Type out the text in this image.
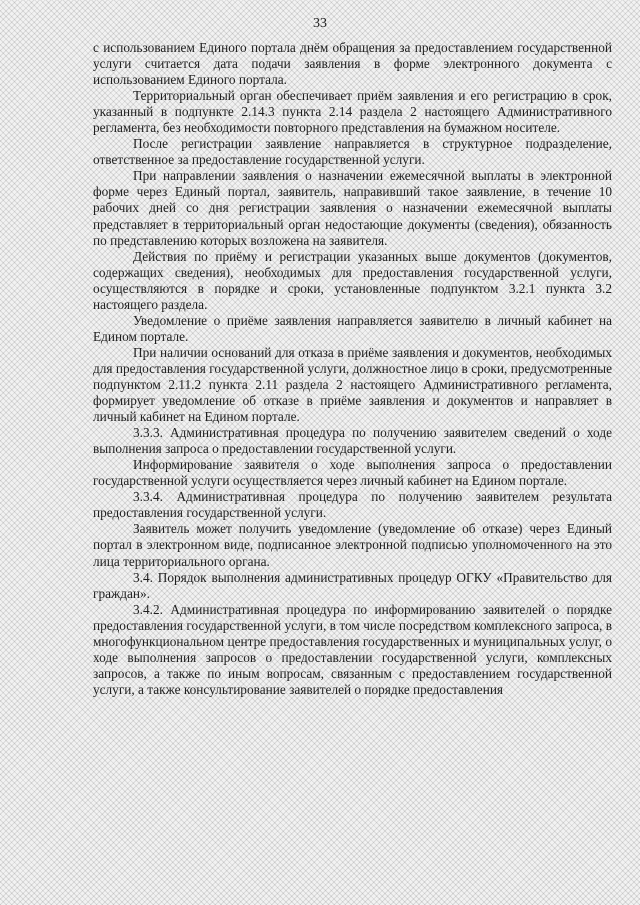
33

с использованием Единого портала днём обращения за предоставлением государственной услуги считается дата подачи заявления в форме электронного документа с использованием Единого портала.

Территориальный орган обеспечивает приём заявления и его регистрацию в срок, указанный в подпункте 2.14.3 пункта 2.14 раздела 2 настоящего Административного регламента, без необходимости повторного представления на бумажном носителе.

После регистрации заявление направляется в структурное подразделение, ответственное за предоставление государственной услуги.

При направлении заявления о назначении ежемесячной выплаты в электронной форме через Единый портал, заявитель, направивший такое заявление, в течение 10 рабочих дней со дня регистрации заявления о назначении ежемесячной выплаты представляет в территориальный орган недостающие документы (сведения), обязанность по представлению которых возложена на заявителя.

Действия по приёму и регистрации указанных выше документов (документов, содержащих сведения), необходимых для предоставления государственной услуги, осуществляются в порядке и сроки, установленные подпунктом 3.2.1 пункта 3.2 настоящего раздела.

Уведомление о приёме заявления направляется заявителю в личный кабинет на Едином портале.

При наличии оснований для отказа в приёме заявления и документов, необходимых для предоставления государственной услуги, должностное лицо в сроки, предусмотренные подпунктом 2.11.2 пункта 2.11 раздела 2 настоящего Административного регламента, формирует уведомление об отказе в приёме заявления и документов и направляет в личный кабинет на Едином портале.

3.3.3. Административная процедура по получению заявителем сведений о ходе выполнения запроса о предоставлении государственной услуги.

Информирование заявителя о ходе выполнения запроса о предоставлении государственной услуги осуществляется через личный кабинет на Едином портале.

3.3.4. Административная процедура по получению заявителем результата предоставления государственной услуги.

Заявитель может получить уведомление (уведомление об отказе) через Единый портал в электронном виде, подписанное электронной подписью уполномоченного на это лица территориального органа.

3.4. Порядок выполнения административных процедур ОГКУ «Правительство для граждан».

3.4.2. Административная процедура по информированию заявителей о порядке предоставления государственной услуги, в том числе посредством комплексного запроса, в многофункциональном центре предоставления государственных и муниципальных услуг, о ходе выполнения запросов о предоставлении государственной услуги, комплексных запросов, а также по иным вопросам, связанным с предоставлением государственной услуги, а также консультирование заявителей о порядке предоставления
